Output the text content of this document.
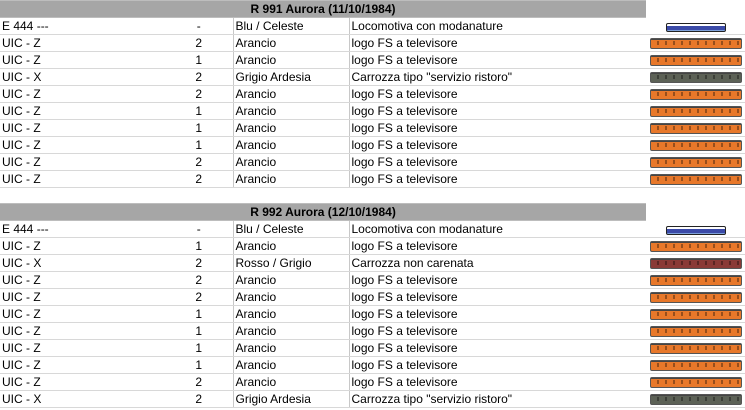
R 991 Aurora (11/10/1984)				
E 444 ---	-	Blu / Celeste	Locomotiva con modanature	

UIC - Z	2	Arancio	logo FS a televisore	

UIC - Z	1	Arancio	logo FS a televisore	

UIC - X	2	Grigio Ardesia	Carrozza tipo "servizio ristoro"	

UIC - Z	2	Arancio	logo FS a televisore	

UIC - Z	1	Arancio	logo FS a televisore	

UIC - Z	1	Arancio	logo FS a televisore	

UIC - Z	1	Arancio	logo FS a televisore	

UIC - Z	2	Arancio	logo FS a televisore	

UIC - Z	2	Arancio	logo FS a televisore	
R 992 Aurora (12/10/1984)				
E 444 ---	-	Blu / Celeste	Locomotiva con modanature	

UIC - Z	1	Arancio	logo FS a televisore	

UIC - X	2	Rosso / Grigio	Carrozza non carenata	

UIC - Z	2	Arancio	logo FS a televisore	

UIC - Z	2	Arancio	logo FS a televisore	

UIC - Z	1	Arancio	logo FS a televisore	

UIC - Z	1	Arancio	logo FS a televisore	

UIC - Z	1	Arancio	logo FS a televisore	

UIC - Z	1	Arancio	logo FS a televisore	

UIC - Z	2	Arancio	logo FS a televisore	

UIC - X	2	Grigio Ardesia	Carrozza tipo "servizio ristoro"	
